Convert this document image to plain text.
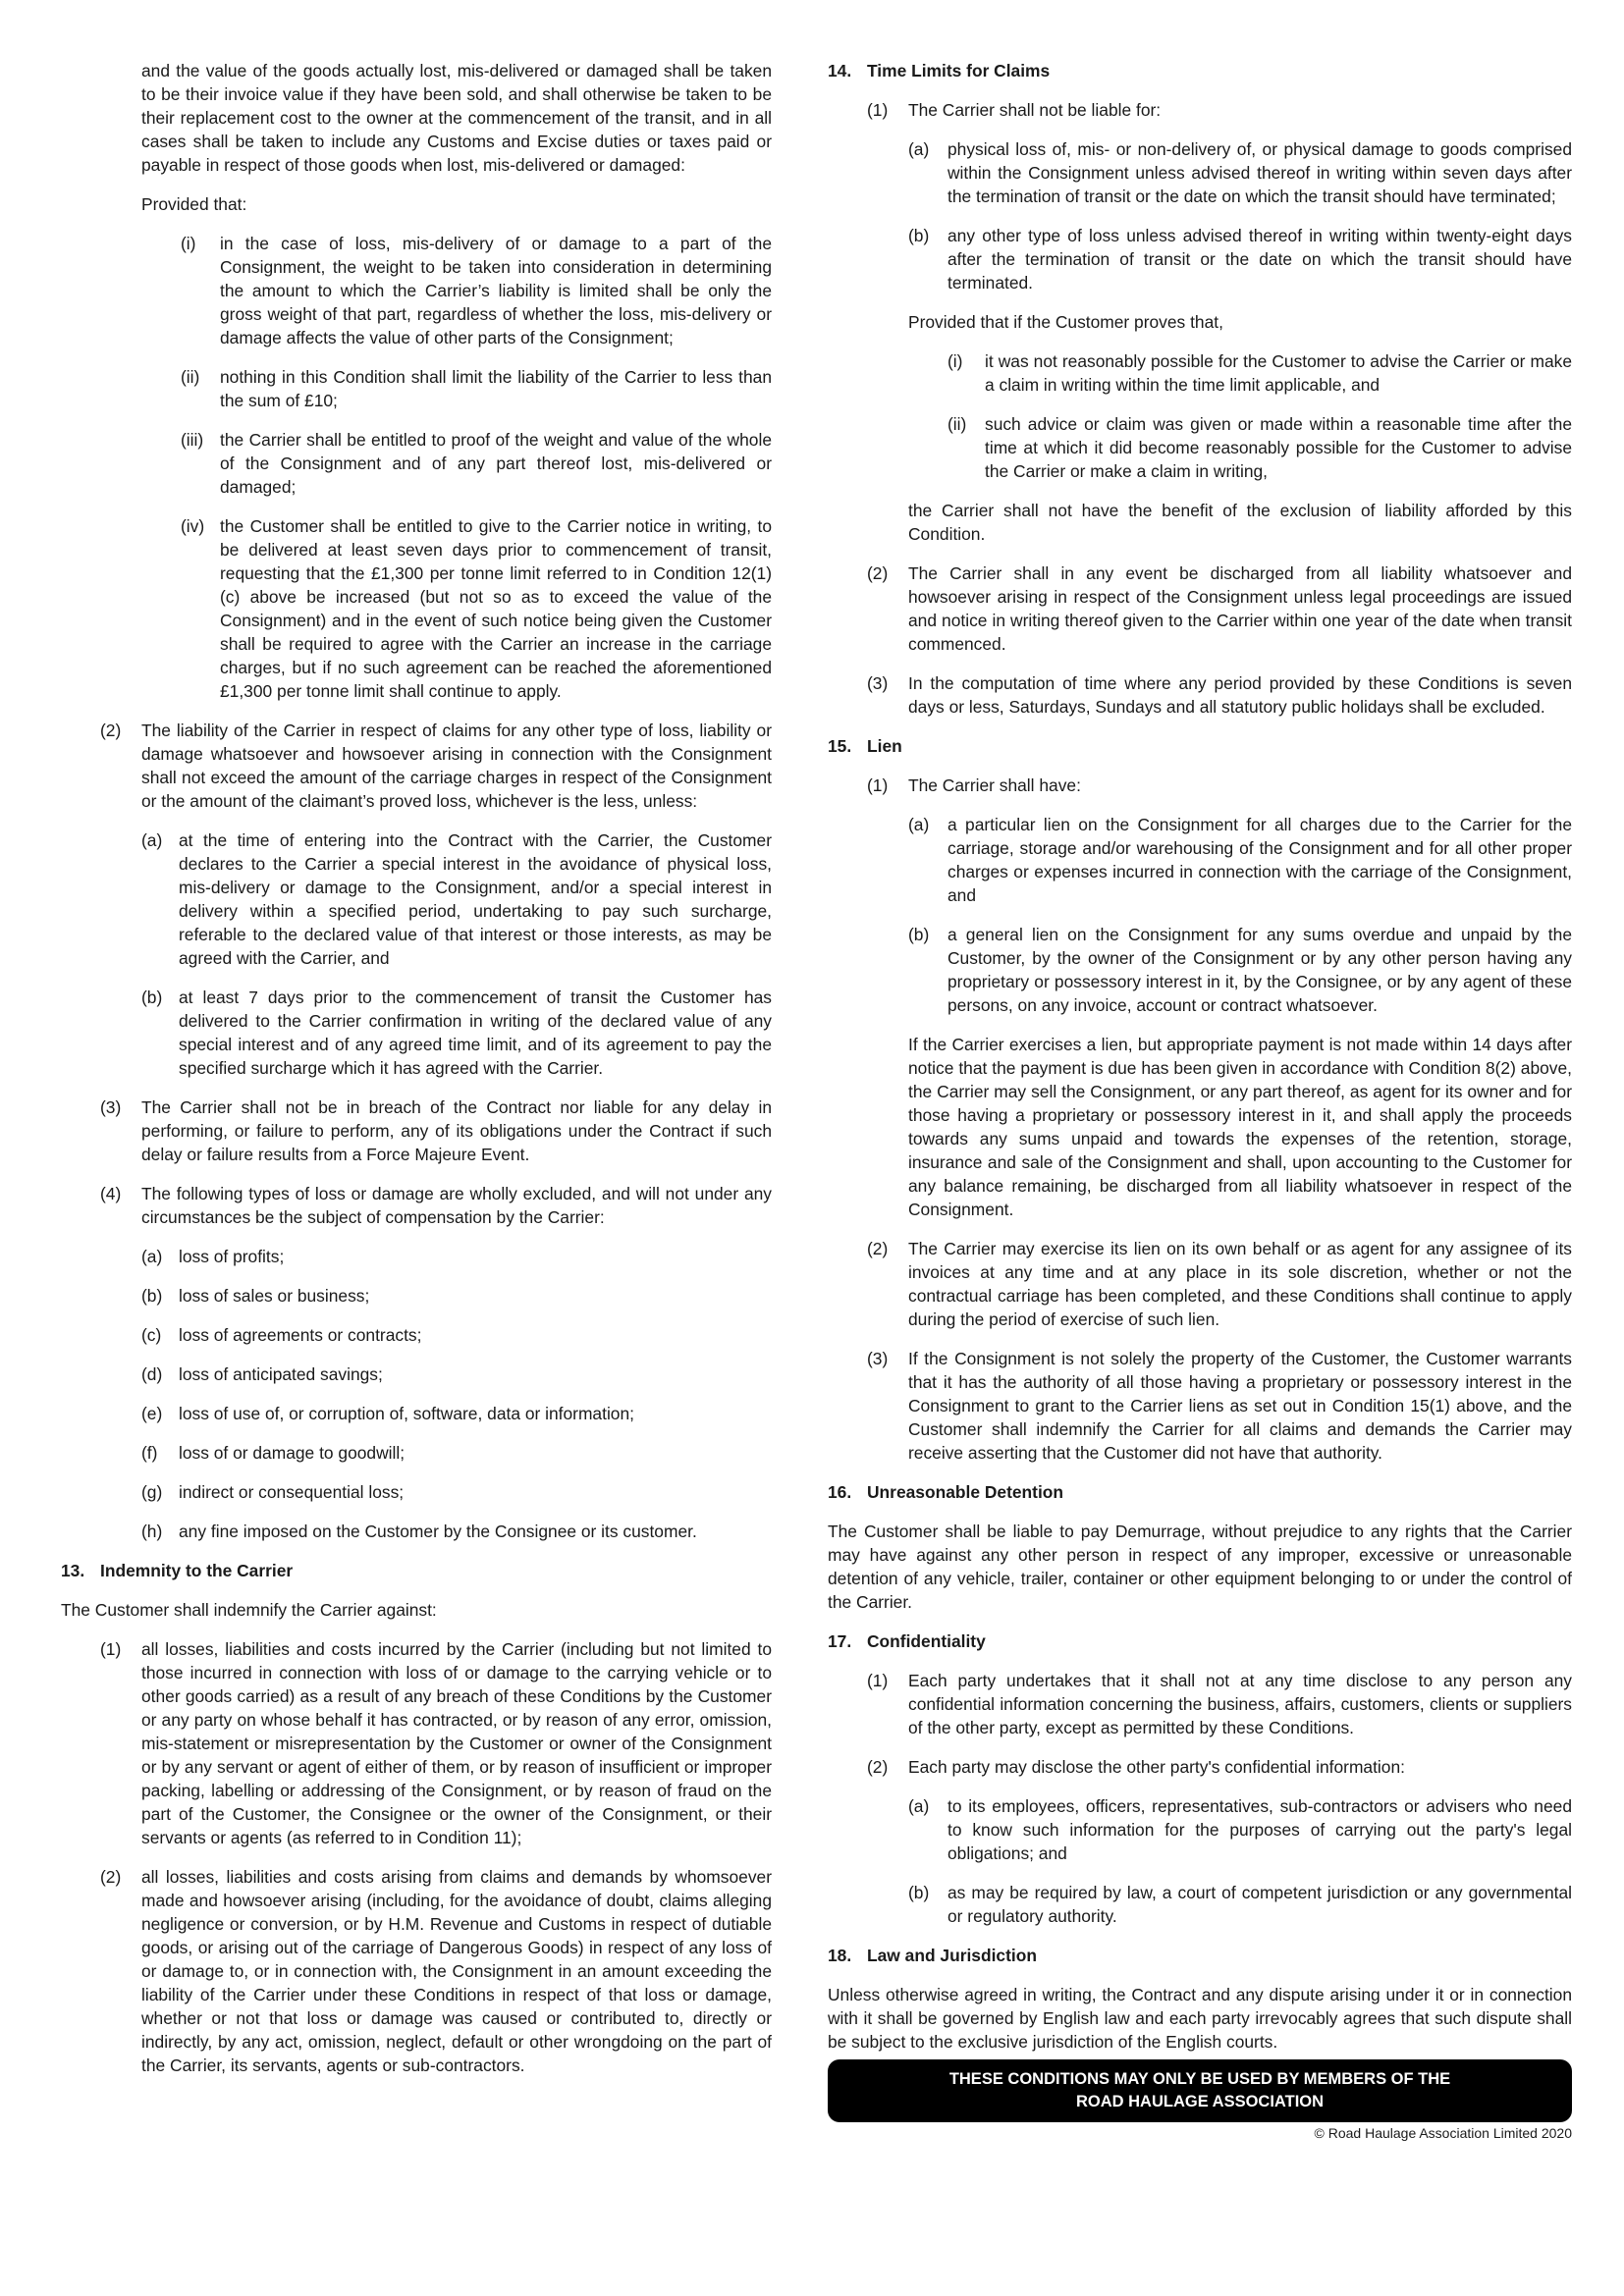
and the value of the goods actually lost, mis-delivered or damaged shall be taken to be their invoice value if they have been sold, and shall otherwise be taken to be their replacement cost to the owner at the commencement of the transit, and in all cases shall be taken to include any Customs and Excise duties or taxes paid or payable in respect of those goods when lost, mis-delivered or damaged:

Provided that:

(i)	in the case of loss, mis-delivery of or damage to a part of the Consignment, the weight to be taken into consideration in determining the amount to which the Carrier’s liability is limited shall be only the gross weight of that part, regardless of whether the loss, mis-delivery or damage affects the value of other parts of the Consignment;
(ii)	nothing in this Condition shall limit the liability of the Carrier to less than the sum of £10;
(iii) the Carrier shall be entitled to proof of the weight and value of the whole of the Consignment and of any part thereof lost, mis-delivered or damaged;
(iv) the Customer shall be entitled to give to the Carrier notice in writing, to be delivered at least seven days prior to commencement of transit, requesting that the £1,300 per tonne limit referred to in Condition 12(1)(c) above be increased (but not so as to exceed the value of the Consignment) and in the event of such notice being given the Customer shall be required to agree with the Carrier an increase in the carriage charges, but if no such agreement can be reached the aforementioned £1,300 per tonne limit shall continue to apply.
(2)	The liability of the Carrier in respect of claims for any other type of loss, liability or damage whatsoever and howsoever arising in connection with the Consignment shall not exceed the amount of the carriage charges in respect of the Consignment or the amount of the claimant’s proved loss, whichever is the less, unless:
(a) at the time of entering into the Contract with the Carrier, the Customer declares to the Carrier a special interest in the avoidance of physical loss, mis-delivery or damage to the Consignment, and/or a special interest in delivery within a specified period, undertaking to pay such surcharge, referable to the declared value of that interest or those interests, as may be agreed with the Carrier, and
(b) at least 7 days prior to the commencement of transit the Customer has delivered to the Carrier confirmation in writing of the declared value of any special interest and of any agreed time limit, and of its agreement to pay the specified surcharge which it has agreed with the Carrier.
(3)	The Carrier shall not be in breach of the Contract nor liable for any delay in performing, or failure to perform, any of its obligations under the Contract if such delay or failure results from a Force Majeure Event.
(4)	The following types of loss or damage are wholly excluded, and will not under any circumstances be the subject of compensation by the Carrier:
(a) loss of profits;
(b) loss of sales or business;
(c)	loss of agreements or contracts;
(d) loss of anticipated savings;
(e) loss of use of, or corruption of, software, data or information;
(f)	loss of or damage to goodwill;
(g) indirect or consequential loss;
(h) any fine imposed on the Customer by the Consignee or its customer.
13. Indemnity to the Carrier

The Customer shall indemnify the Carrier against:

(1)	all losses, liabilities and costs incurred by the Carrier (including but not limited to those incurred in connection with loss of or damage to the carrying vehicle or to other goods carried) as a result of any breach of these Conditions by the Customer or any party on whose behalf it has contracted, or by reason of any error, omission, mis-statement or misrepresentation by the Customer or owner of the Consignment or by any servant or agent of either of them, or by reason of insufficient or improper packing, labelling or addressing of the Consignment, or by reason of fraud on the part of the Customer, the Consignee or the owner of the Consignment, or their servants or agents (as referred to in Condition 11);
(2)	all losses, liabilities and costs arising from claims and demands by whomsoever made and howsoever arising (including, for the avoidance of doubt, claims alleging negligence or conversion, or by H.M. Revenue and Customs in respect of dutiable goods, or arising out of the carriage of Dangerous Goods) in respect of any loss of or damage to, or in connection with, the Consignment in an amount exceeding the liability of the Carrier under these Conditions in respect of that loss or damage, whether or not that loss or damage was caused or contributed to, directly or indirectly, by any act, omission, neglect, default or other wrongdoing on the part of the Carrier, its servants, agents or sub-contractors.
14. Time Limits for Claims
(1)	The Carrier shall not be liable for:
(a)	physical loss of, mis- or non-delivery of, or physical damage to goods comprised within the Consignment unless advised thereof in writing within seven days after the termination of transit or the date on which the transit should have terminated;
(b)	any other type of loss unless advised thereof in writing within twenty-eight days after the termination of transit or the date on which the transit should have terminated.

Provided that if the Customer proves that,

(i)	it was not reasonably possible for the Customer to advise the Carrier or make a claim in writing within the time limit applicable, and
(ii)	such advice or claim was given or made within a reasonable time after the time at which it did become reasonably possible for the Customer to advise the Carrier or make a claim in writing,

the Carrier shall not have the benefit of the exclusion of liability afforded by this Condition.

(2)	The Carrier shall in any event be discharged from all liability whatsoever and howsoever arising in respect of the Consignment unless legal proceedings are issued and notice in writing thereof given to the Carrier within one year of the date when transit commenced.
(3)	In the computation of time where any period provided by these Conditions is seven days or less, Saturdays, Sundays and all statutory public holidays shall be excluded.
15. Lien
(1)	The Carrier shall have:
(a)	a particular lien on the Consignment for all charges due to the Carrier for the carriage, storage and/or warehousing of the Consignment and for all other proper charges or expenses incurred in connection with the carriage of the Consignment, and
(b)	a general lien on the Consignment for any sums overdue and unpaid by the Customer, by the owner of the Consignment or by any other person having any proprietary or possessory interest in it, by the Consignee, or by any agent of these persons, on any invoice, account or contract whatsoever.

If the Carrier exercises a lien, but appropriate payment is not made within 14 days after notice that the payment is due has been given in accordance with Condition 8(2) above, the Carrier may sell the Consignment, or any part thereof, as agent for its owner and for those having a proprietary or possessory interest in it, and shall apply the proceeds towards any sums unpaid and towards the expenses of the retention, storage, insurance and sale of the Consignment and shall, upon accounting to the Customer for any balance remaining, be discharged from all liability whatsoever in respect of the Consignment.

(2)	The Carrier may exercise its lien on its own behalf or as agent for any assignee of its invoices at any time and at any place in its sole discretion, whether or not the contractual carriage has been completed, and these Conditions shall continue to apply during the period of exercise of such lien.
(3)	If the Consignment is not solely the property of the Customer, the Customer warrants that it has the authority of all those having a proprietary or possessory interest in the Consignment to grant to the Carrier liens as set out in Condition 15(1) above, and the Customer shall indemnify the Carrier for all claims and demands the Carrier may receive asserting that the Customer did not have that authority.
16. Unreasonable Detention

The Customer shall be liable to pay Demurrage, without prejudice to any rights that the Carrier may have against any other person in respect of any improper, excessive or unreasonable detention of any vehicle, trailer, container or other equipment belonging to or under the control of the Carrier.

17. Confidentiality
(1)	Each party undertakes that it shall not at any time disclose to any person any confidential information concerning the business, affairs, customers, clients or suppliers of the other party, except as permitted by these Conditions.
(2)	Each party may disclose the other party's confidential information:
(a)	to its employees, officers, representatives, sub-contractors or advisers who need to know such information for the purposes of carrying out the party's legal obligations; and
(b)	as may be required by law, a court of competent jurisdiction or any governmental or regulatory authority.
18. Law and Jurisdiction

Unless otherwise agreed in writing, the Contract and any dispute arising under it or in connection with it shall be governed by English law and each party irrevocably agrees that such dispute shall be subject to the exclusive jurisdiction of the English courts.

THESE CONDITIONS MAY ONLY BE USED BY MEMBERS OF THE
ROAD HAULAGE ASSOCIATION
© Road Haulage Association Limited 2020
